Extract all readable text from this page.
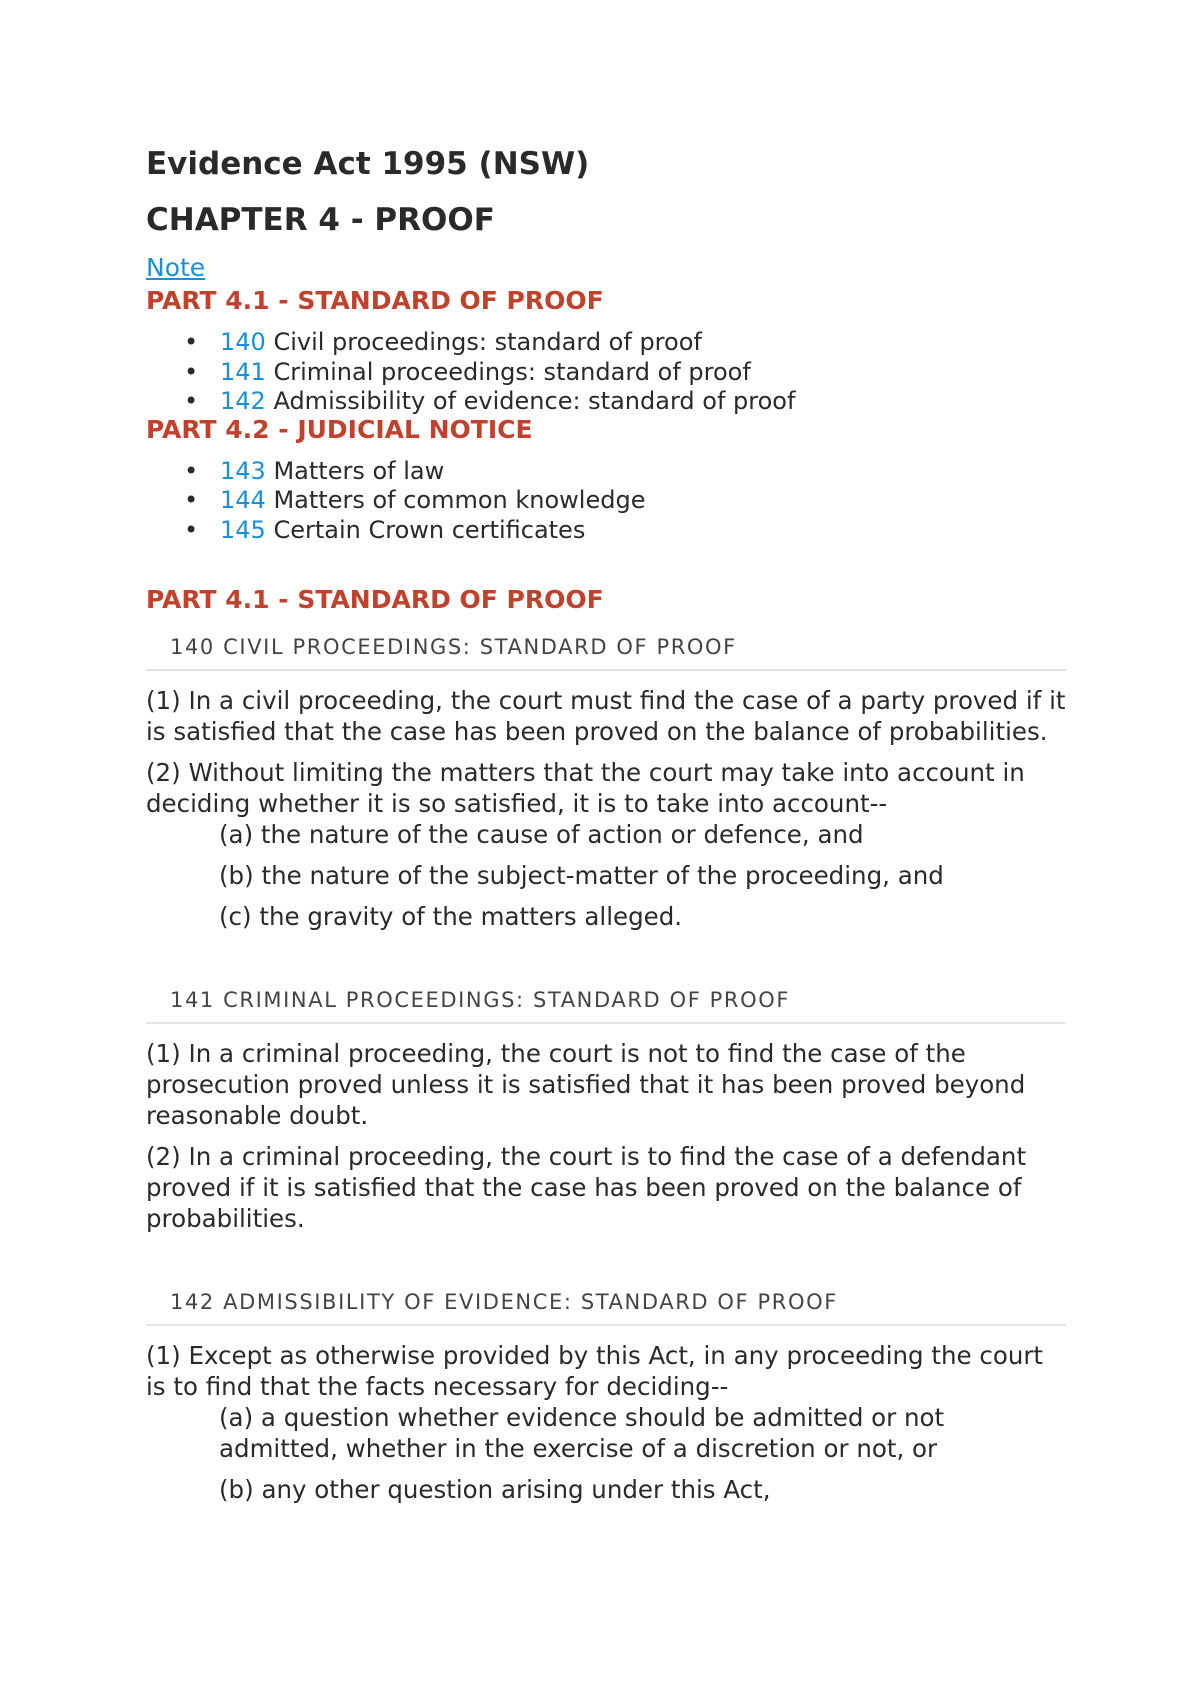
Evidence Act 1995 (NSW)
CHAPTER 4 - PROOF
Note
PART 4.1 - STANDARD OF PROOF
• 140 Civil proceedings: standard of proof
• 141 Criminal proceedings: standard of proof
• 142 Admissibility of evidence: standard of proof
PART 4.2 - JUDICIAL NOTICE
• 143 Matters of law
• 144 Matters of common knowledge
• 145 Certain Crown certificates
PART 4.1 - STANDARD OF PROOF
140 CIVIL PROCEEDINGS: STANDARD OF PROOF

(1) In a civil proceeding, the court must find the case of a party proved if it is satisfied that the case has been proved on the balance of probabilities.

(2) Without limiting the matters that the court may take into account in deciding whether it is so satisfied, it is to take into account--

(a) the nature of the cause of action or defence, and

(b) the nature of the subject-matter of the proceeding, and

(c) the gravity of the matters alleged.

141 CRIMINAL PROCEEDINGS: STANDARD OF PROOF

(1) In a criminal proceeding, the court is not to find the case of the prosecution proved unless it is satisfied that it has been proved beyond reasonable doubt.

(2) In a criminal proceeding, the court is to find the case of a defendant proved if it is satisfied that the case has been proved on the balance of probabilities.

142 ADMISSIBILITY OF EVIDENCE: STANDARD OF PROOF

(1) Except as otherwise provided by this Act, in any proceeding the court is to find that the facts necessary for deciding--

(a) a question whether evidence should be admitted or not admitted, whether in the exercise of a discretion or not, or

(b) any other question arising under this Act,
